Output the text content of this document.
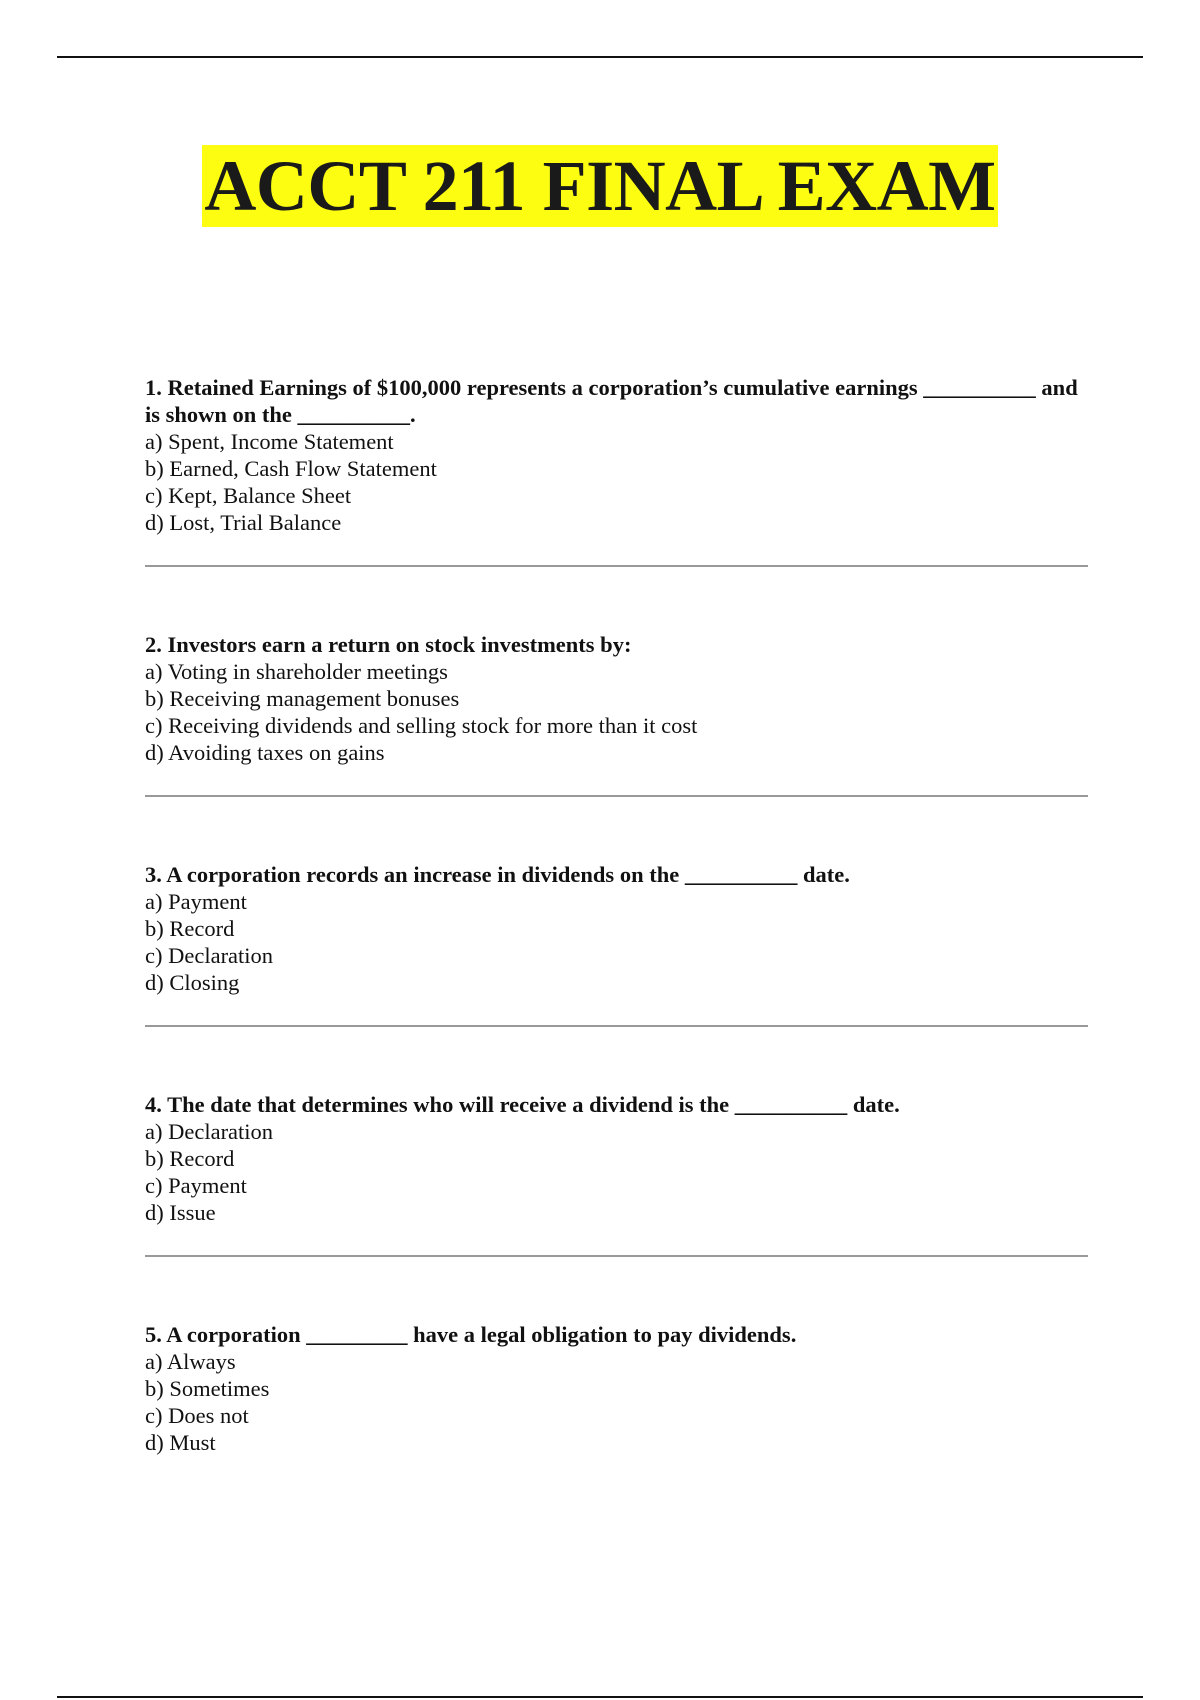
ACCT 211 FINAL EXAM

1. Retained Earnings of $100,000 represents a corporation’s cumulative earnings __________ and is shown on the __________.

a) Spent, Income Statement

b) Earned, Cash Flow Statement

c) Kept, Balance Sheet

d) Lost, Trial Balance

2. Investors earn a return on stock investments by:

a) Voting in shareholder meetings

b) Receiving management bonuses

c) Receiving dividends and selling stock for more than it cost

d) Avoiding taxes on gains

3. A corporation records an increase in dividends on the __________ date.

a) Payment

b) Record

c) Declaration

d) Closing

4. The date that determines who will receive a dividend is the __________ date.

a) Declaration

b) Record

c) Payment

d) Issue

5. A corporation _________ have a legal obligation to pay dividends.

a) Always

b) Sometimes

c) Does not

d) Must
